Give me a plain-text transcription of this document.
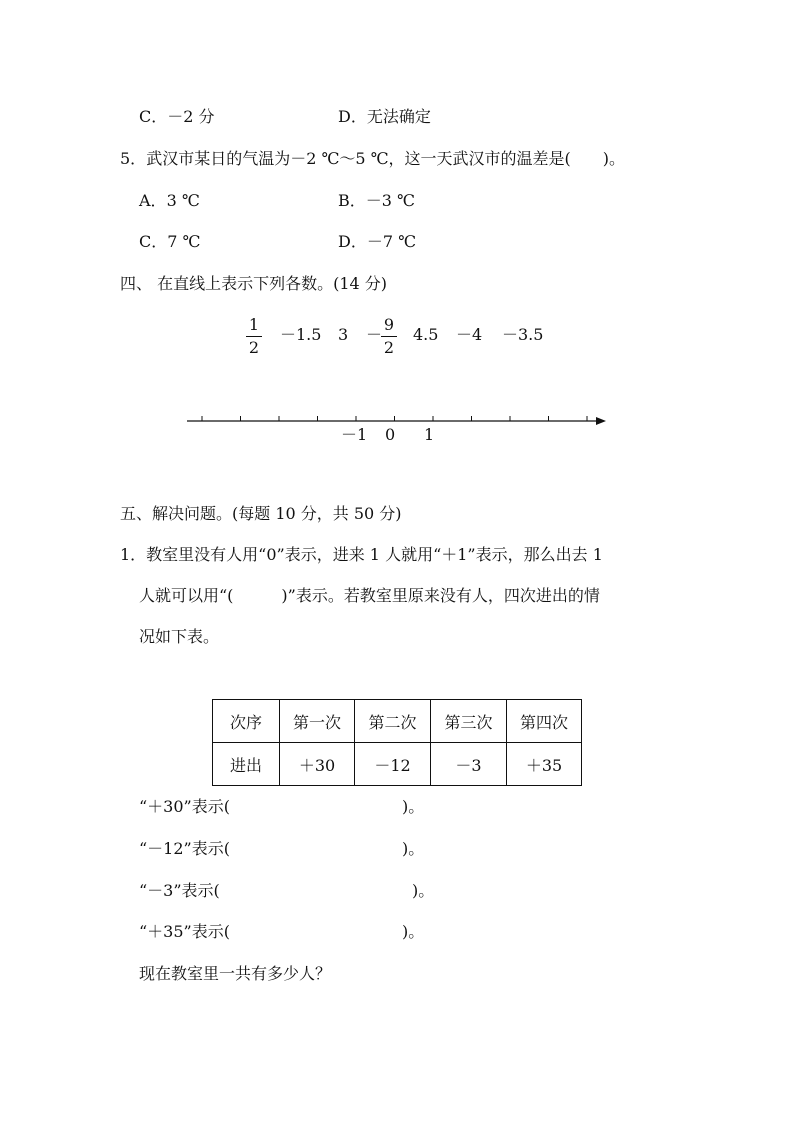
C．－2 分	D．无法确定
5．武汉市某日的气温为－2 ℃～5 ℃，这一天武汉市的温差是(　　)。
A．3 ℃	B．－3 ℃
C．7 ℃	D．－7 ℃
四、 在直线上表示下列各数。(14 分)
1
2
－1.5 3 －
9
2
4.5 －4 －3.5
－1 0 1
五、解决问题。(每题 10 分，共 50 分)
1．教室里没有人用“0”表示，进来 1 人就用“＋1”表示，那么出去 1
人就可以用“(　　　)”表示。若教室里原来没有人，四次进出的情
况如下表。
次序	第一次	第二次	第三次	第四次
进出	＋30	－12	－3	＋35
“＋30”表示(	)。
“－12”表示(	)。
“－3”表示(	)。
“＋35”表示(	)。
现在教室里一共有多少人？
